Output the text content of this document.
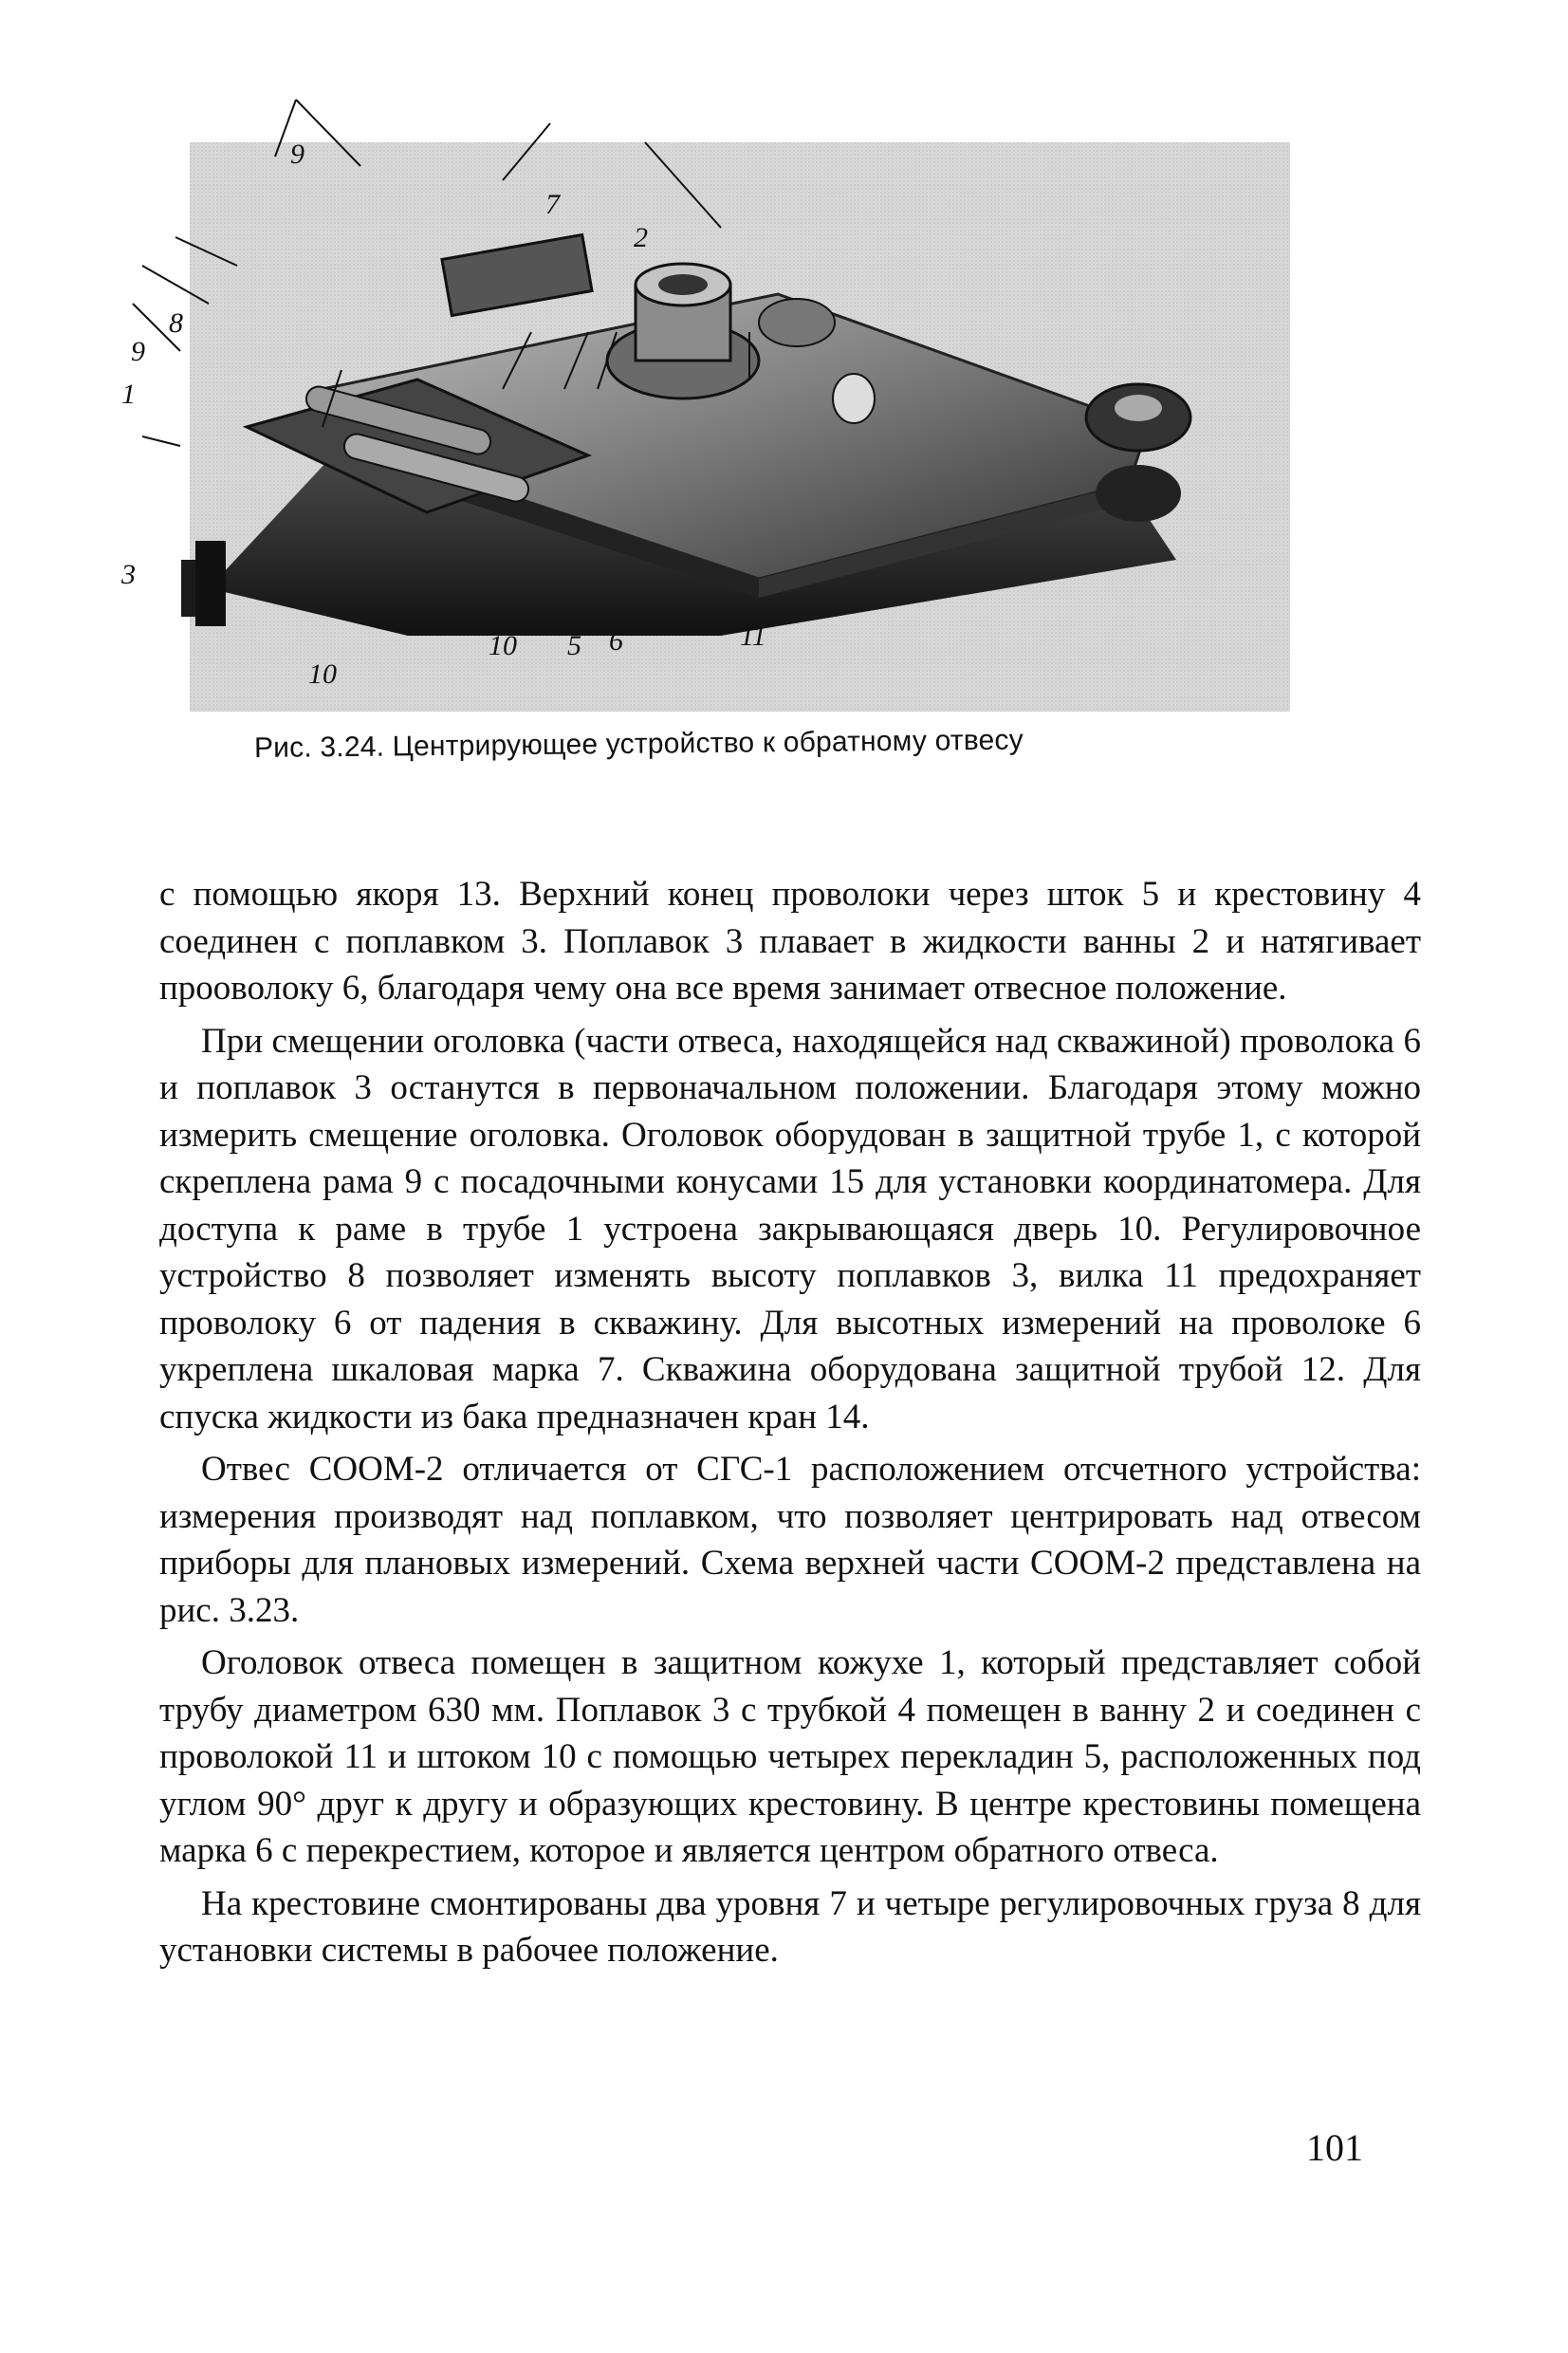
9
7
2
8
9
1
3
10
10 5 6	11
Рис. 3.24. Центрирующее устройство к обратному отвесу

с помощью якоря 13. Верхний конец проволоки через шток 5 и крестовину 4 соединен с поплавком 3. Поплавок 3 плавает в жидкости ванны 2 и натягивает прооволоку 6, благодаря чему она все время занимает отвесное положение.

При смещении оголовка (части отвеса, находящейся над скважиной) проволока 6 и поплавок 3 останутся в первоначальном положении. Благодаря этому можно измерить смещение оголовка. Оголовок оборудован в защитной трубе 1, с которой скреплена рама 9 с посадочными конусами 15 для установки координатомера. Для доступа к раме в трубе 1 устроена закрывающаяся дверь 10. Регулировочное устройство 8 позволяет изменять высоту поплавков 3, вилка 11 предохраняет проволоку 6 от падения в скважину. Для высотных измерений на проволоке 6 укреплена шкаловая марка 7. Скважина оборудована защитной трубой 12. Для спуска жидкости из бака предназначен кран 14.

Отвес СООМ-2 отличается от СГС-1 расположением отсчетного устройства: измерения производят над поплавком, что позволяет центрировать над отвесом приборы для плановых измерений. Схема верхней части СООМ-2 представлена на рис. 3.23.

Оголовок отвеса помещен в защитном кожухе 1, который представляет собой трубу диаметром 630 мм. Поплавок 3 с трубкой 4 помещен в ванну 2 и соединен с проволокой 11 и штоком 10 с помощью четырех перекладин 5, расположенных под углом 90° друг к другу и образующих крестовину. В центре крестовины помещена марка 6 с перекрестием, которое и является центром обратного отвеса.

На крестовине смонтированы два уровня 7 и четыре регулировочных груза 8 для установки системы в рабочее положение.

101
